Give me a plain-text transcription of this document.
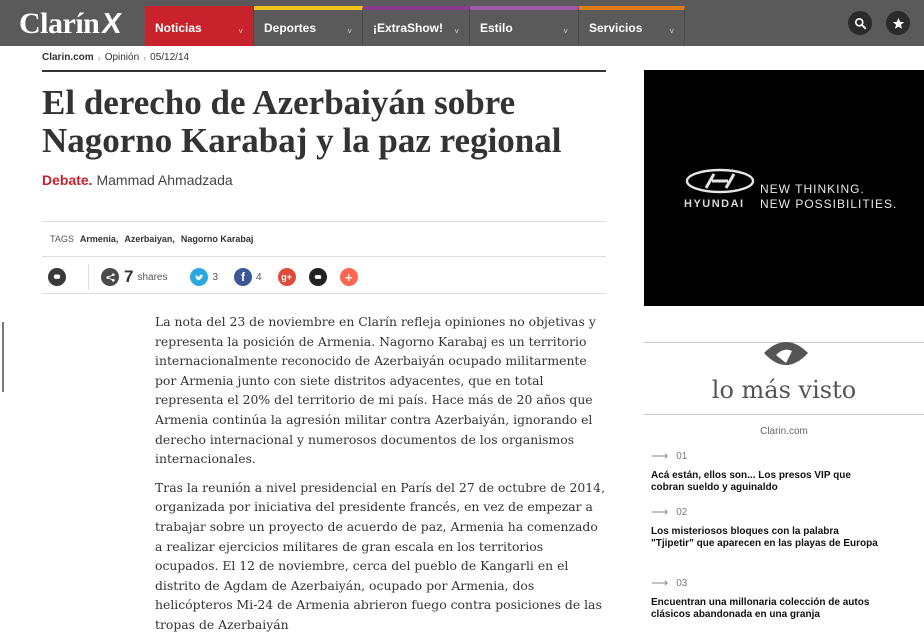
Clarín X	Noticias	˅ Deportes	˅ ¡ExtraShow! ˅ Estilo	˅ Servicios	˅
Clarin.com › Opinión › 05/12/14
El derecho de Azerbaiyán sobre Nagorno Karabaj y la paz regional
Debate. Mammad Ahmadzada
TAGS Armenia, Azerbaiyan, Nagorno Karabaj
7 shares	3 f 4 g+	+

La nota del 23 de noviembre en Clarín refleja opiniones no objetivas y representa la posición de Armenia. Nagorno Karabaj es un territorio internacionalmente reconocido de Azerbaiyán ocupado militarmente por Armenia junto con siete distritos adyacentes, que en total representa el 20% del territorio de mi país. Hace más de 20 años que Armenia continúa la agresión militar contra Azerbaiyán, ignorando el derecho internacional y numerosos documentos de los organismos internacionales.

Tras la reunión a nivel presidencial en París del 27 de octubre de 2014, organizada por iniciativa del presidente francés, en vez de empezar a trabajar sobre un proyecto de acuerdo de paz, Armenia ha comenzado a realizar ejercicios militares de gran escala en los territorios ocupados. El 12 de noviembre, cerca del pueblo de Kangarli en el distrito de Agdam de Azerbaiyán, ocupado por Armenia, dos helicópteros Mi-24 de Armenia abrieron fuego contra posiciones de las tropas de Azerbaiyán

HYUNDAI
NEW THINKING.
NEW POSSIBILITIES.
lo más visto
Clarin.com
⟶ 01
Acá están, ellos son... Los presos VIP que cobran sueldo y aguinaldo
⟶ 02
Los misteriosos bloques con la palabra "Tjipetir" que aparecen en las playas de Europa
⟶ 03
Encuentran una millonaria colección de autos clásicos abandonada en una granja
